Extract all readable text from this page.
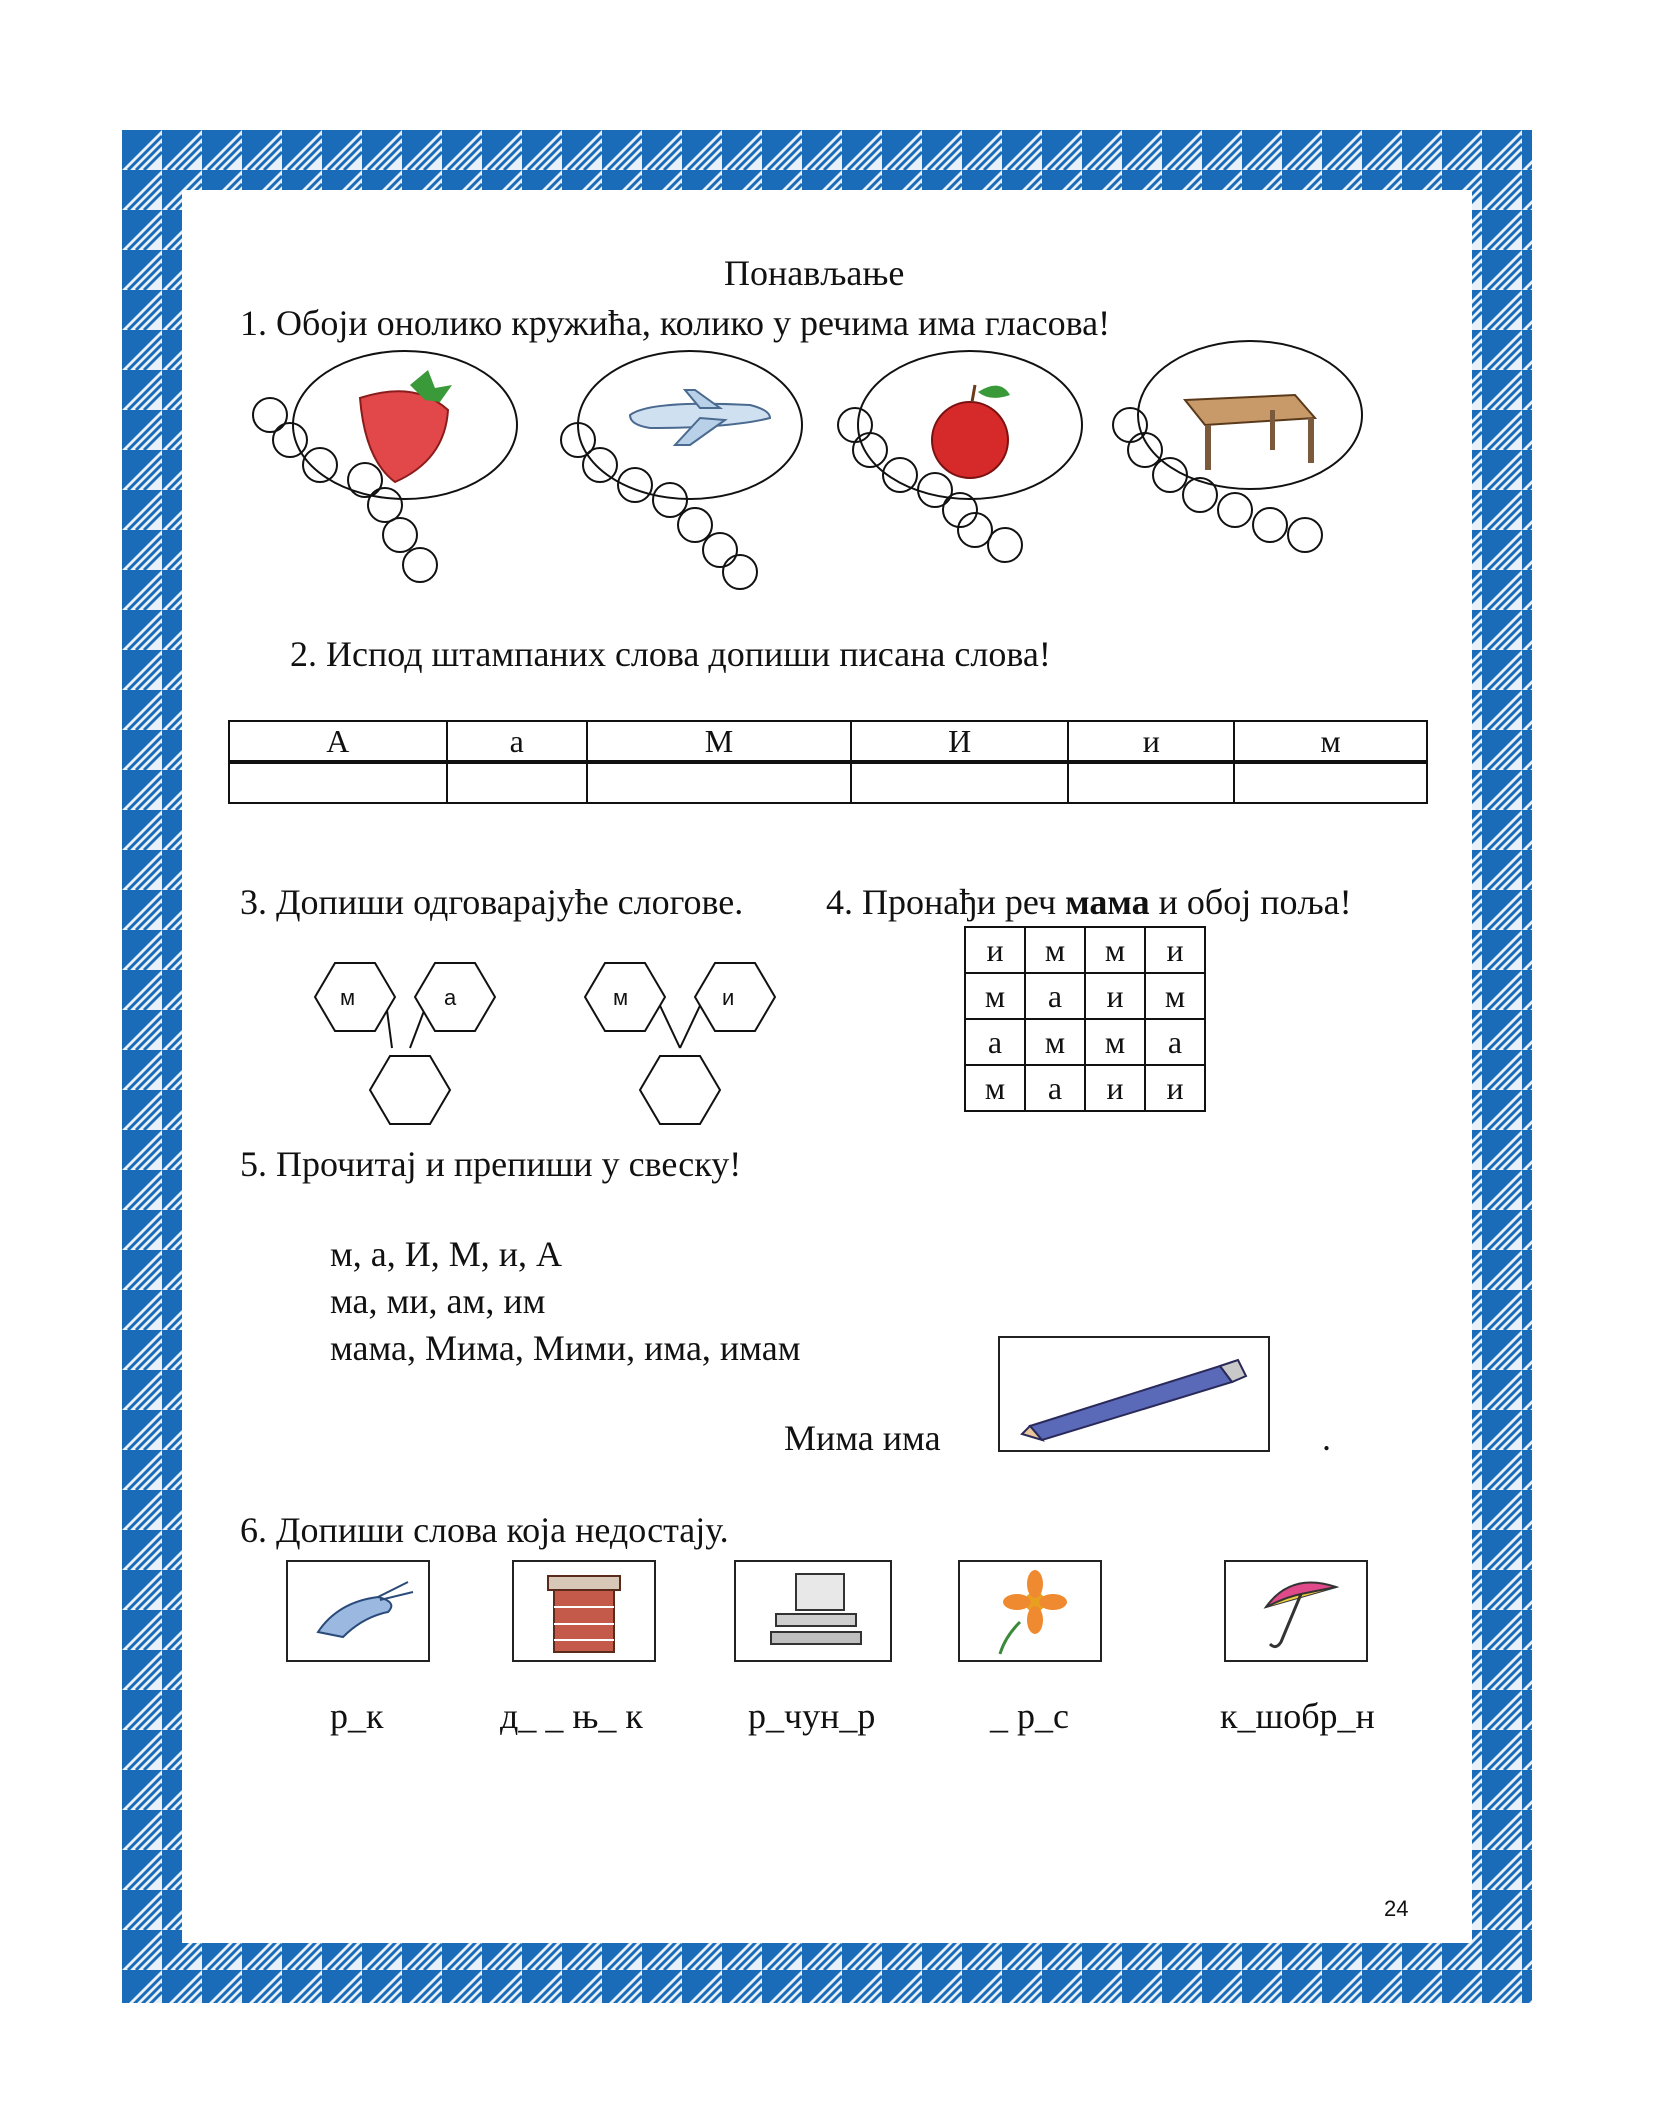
Понављање
1. Обоји онолико кружића, колико у речима има гласова!
2. Испод штампаних слова допиши писана слова!
А	а	М	И	и	м

3. Допиши одговарајуће слогове. 4. Пронађи реч мама и обој поља!
м	а	м	и
и	м	м	и
м	а	и	м
а	м	м	а
м	а	и	и
5. Прочитај и препиши у свеску!
м, а, И, М, и, А
ма, ми, ам, им
мама, Мима, Мими, има, имам
Мима има	.
6. Допиши слова која недостају.
р_к	д_ _ њ_ к	р_чун_р	_ р_с	к_шобр_н
24
